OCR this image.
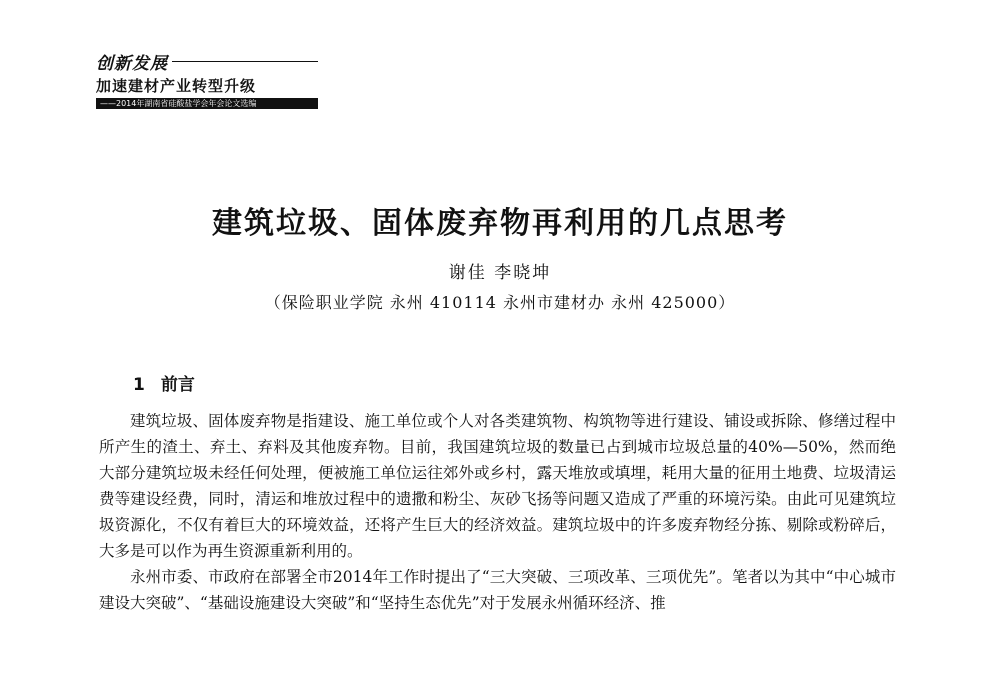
创新发展
加速建材产业转型升级
——2014年湖南省硅酸盐学会年会论文选编
建筑垃圾、固体废弃物再利用的几点思考
谢佳 李晓坤
（保险职业学院 永州 410114 永州市建材办 永州 425000）
1 前言

建筑垃圾、固体废弃物是指建设、施工单位或个人对各类建筑物、构筑物等进行建设、铺设或拆除、修缮过程中所产生的渣土、弃土、弃料及其他废弃物。目前，我国建筑垃圾的数量已占到城市垃圾总量的40%—50%，然而绝大部分建筑垃圾未经任何处理，便被施工单位运往郊外或乡村，露天堆放或填埋，耗用大量的征用土地费、垃圾清运费等建设经费，同时，清运和堆放过程中的遗撒和粉尘、灰砂飞扬等问题又造成了严重的环境污染。由此可见建筑垃圾资源化，不仅有着巨大的环境效益，还将产生巨大的经济效益。建筑垃圾中的许多废弃物经分拣、剔除或粉碎后，大多是可以作为再生资源重新利用的。

永州市委、市政府在部署全市2014年工作时提出了“三大突破、三项改革、三项优先”。笔者以为其中“中心城市建设大突破”、“基础设施建设大突破”和“坚持生态优先”对于发展永州循环经济、推
